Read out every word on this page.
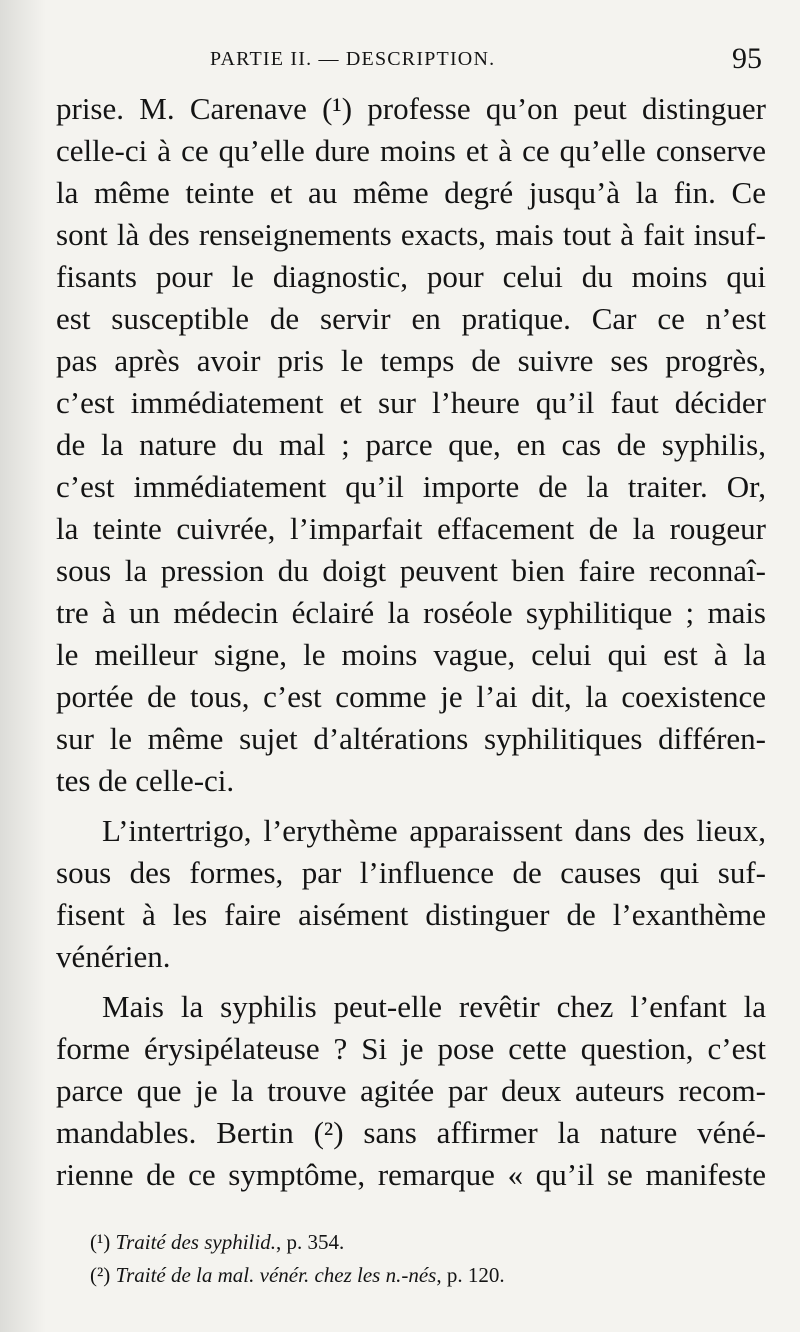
PARTIE II. — DESCRIPTION.	95
prise. M. Carenave (¹) professe qu’on peut distinguer
celle-ci à ce qu’elle dure moins et à ce qu’elle conserve
la même teinte et au même degré jusqu’à la fin. Ce
sont là des renseignements exacts, mais tout à fait insuf-
fisants pour le diagnostic, pour celui du moins qui
est susceptible de servir en pratique. Car ce n’est
pas après avoir pris le temps de suivre ses progrès,
c’est immédiatement et sur l’heure qu’il faut décider
de la nature du mal ; parce que, en cas de syphilis,
c’est immédiatement qu’il importe de la traiter. Or,
la teinte cuivrée, l’imparfait effacement de la rougeur
sous la pression du doigt peuvent bien faire reconnaî-
tre à un médecin éclairé la roséole syphilitique ; mais
le meilleur signe, le moins vague, celui qui est à la
portée de tous, c’est comme je l’ai dit, la coexistence
sur le même sujet d’altérations syphilitiques différen-
tes de celle-ci.
L’intertrigo, l’erythème apparaissent dans des lieux,
sous des formes, par l’influence de causes qui suf-
fisent à les faire aisément distinguer de l’exanthème
vénérien.
Mais la syphilis peut-elle revêtir chez l’enfant la
forme érysipélateuse ? Si je pose cette question, c’est
parce que je la trouve agitée par deux auteurs recom-
mandables. Bertin (²) sans affirmer la nature véné-
rienne de ce symptôme, remarque « qu’il se manifeste
(¹) Traité des syphilid., p. 354.
(²) Traité de la mal. vénér. chez les n.-nés, p. 120.
